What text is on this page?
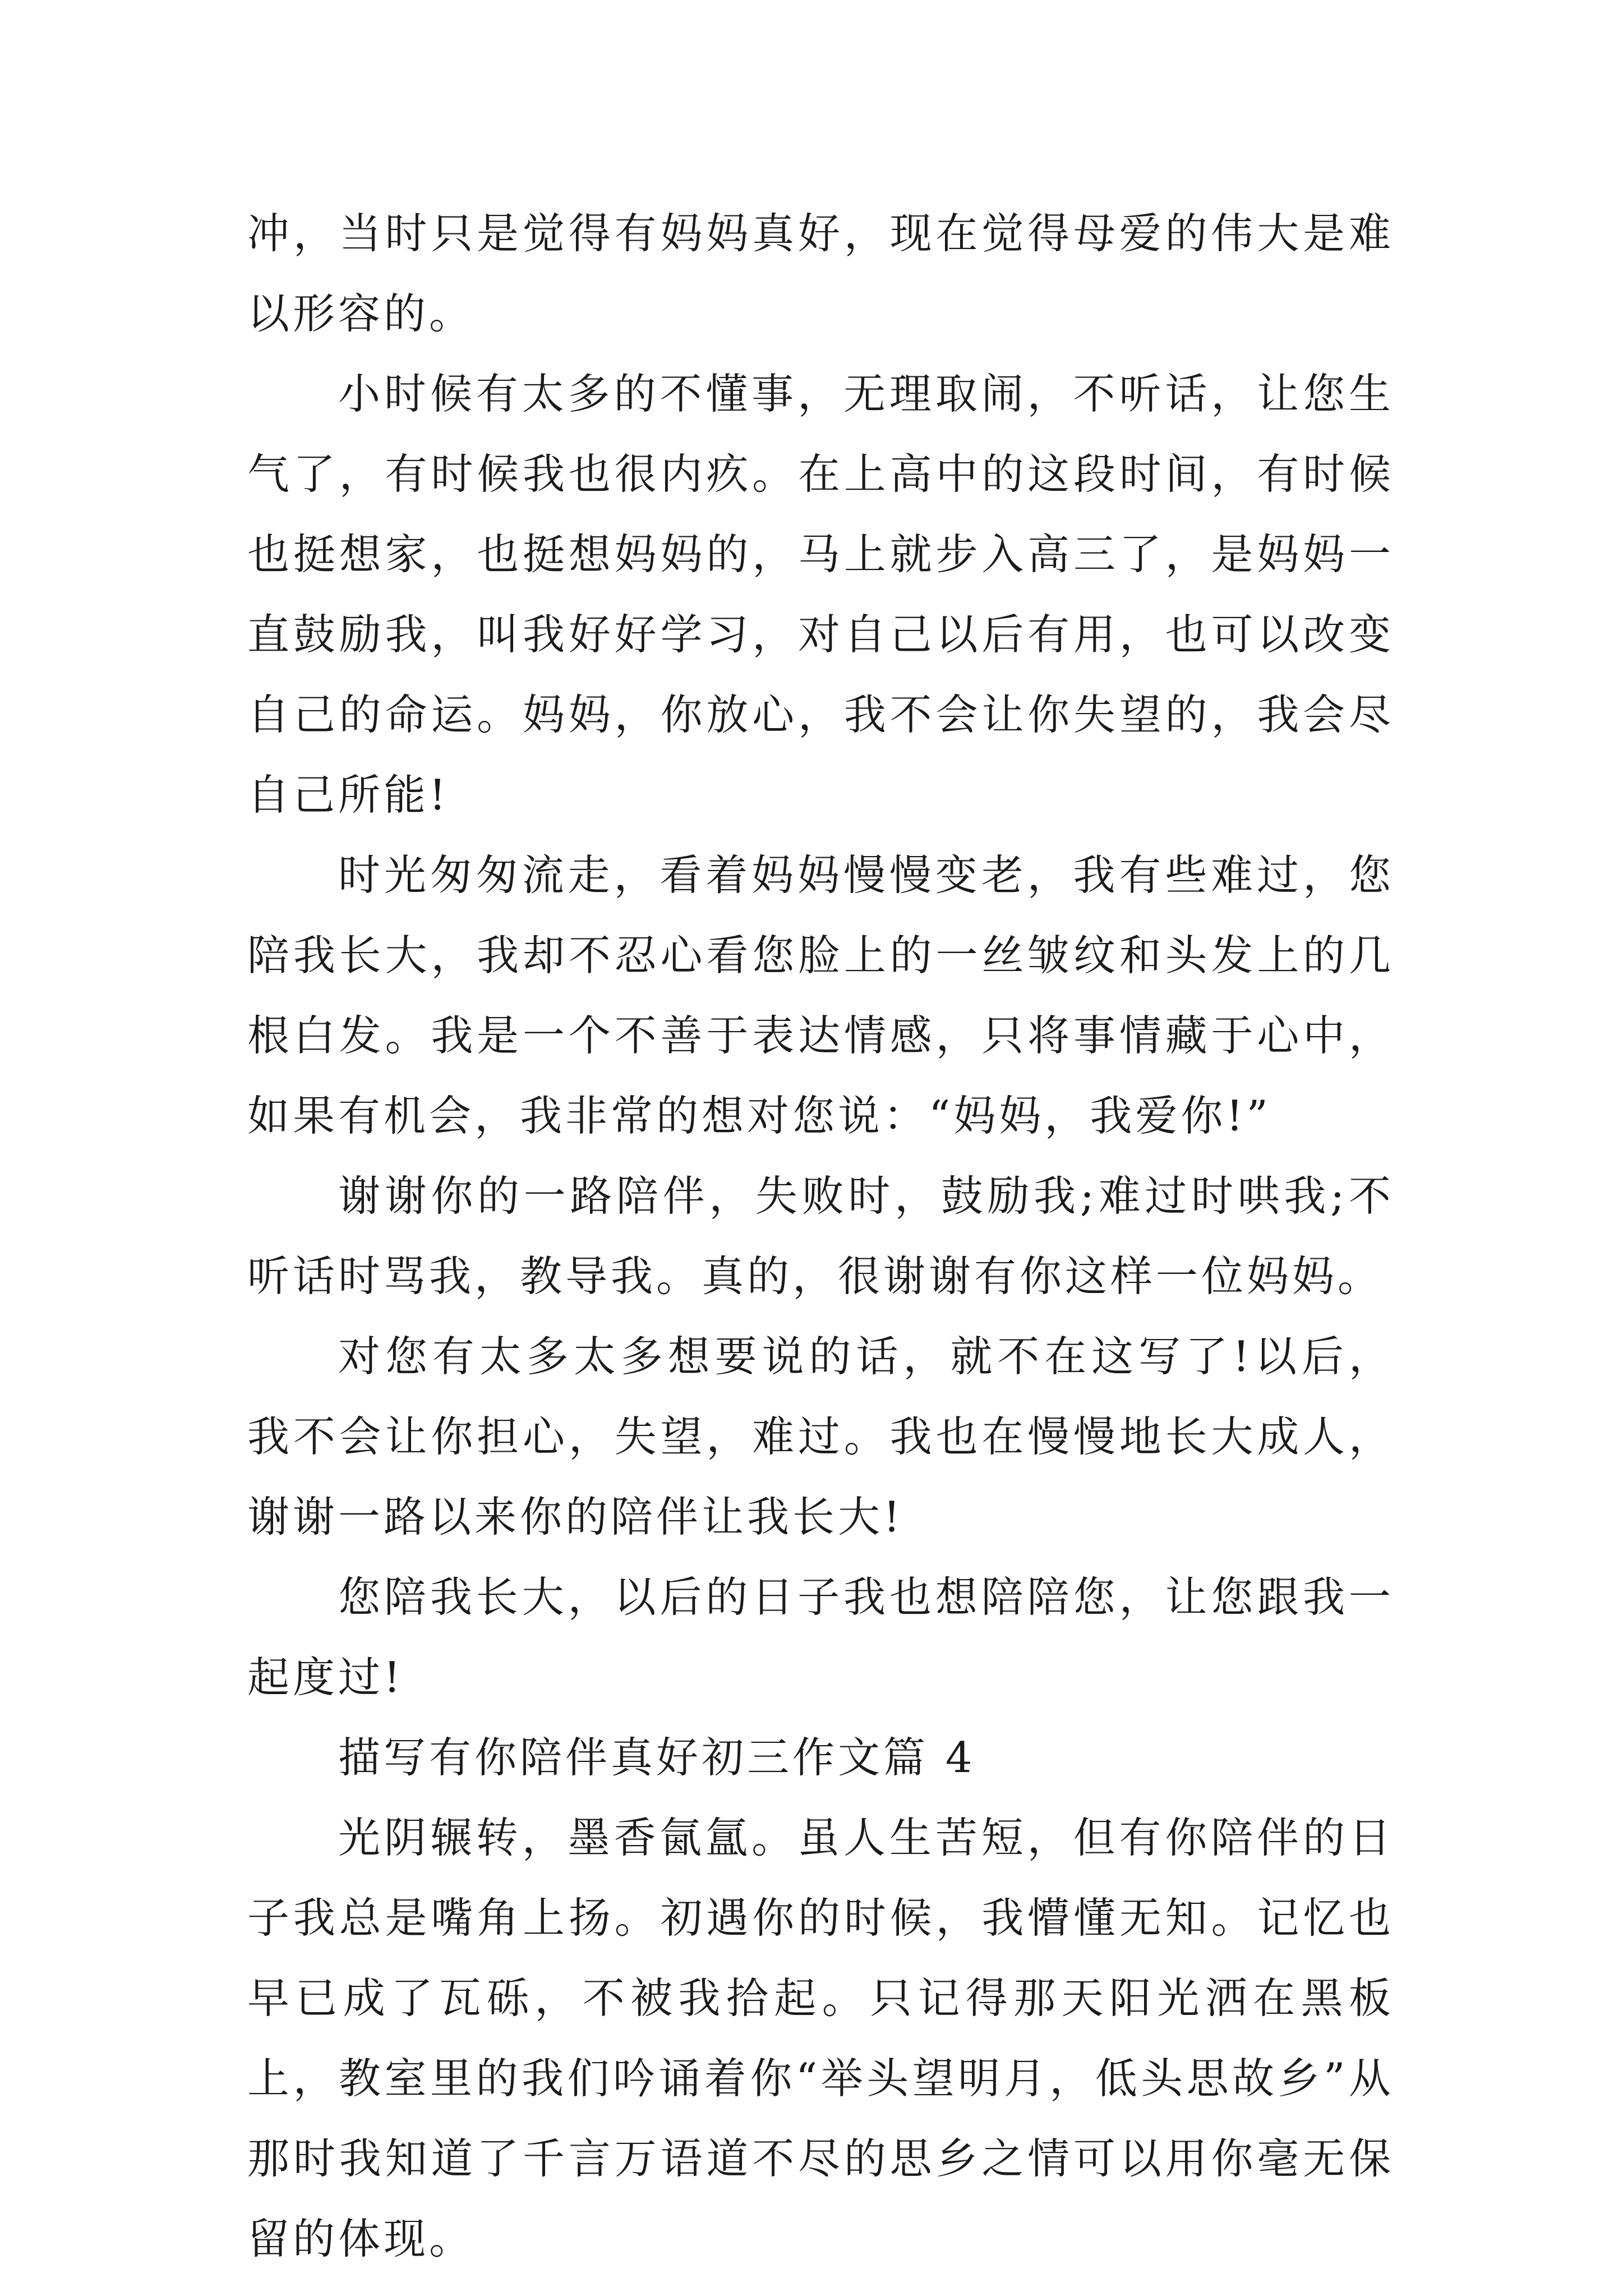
冲，当时只是觉得有妈妈真好，现在觉得母爱的伟大是难以形容的。

小时候有太多的不懂事，无理取闹，不听话，让您生气了，有时候我也很内疚。在上高中的这段时间，有时候也挺想家，也挺想妈妈的，马上就步入高三了，是妈妈一直鼓励我，叫我好好学习，对自己以后有用，也可以改变自己的命运。妈妈，你放心，我不会让你失望的，我会尽自己所能!

时光匆匆流走，看着妈妈慢慢变老，我有些难过，您陪我长大，我却不忍心看您脸上的一丝皱纹和头发上的几根白发。我是一个不善于表达情感，只将事情藏于心中，如果有机会，我非常的想对您说：“妈妈，我爱你!”

谢谢你的一路陪伴，失败时，鼓励我;难过时哄我;不听话时骂我，教导我。真的，很谢谢有你这样一位妈妈。

对您有太多太多想要说的话，就不在这写了!以后，我不会让你担心，失望，难过。我也在慢慢地长大成人，谢谢一路以来你的陪伴让我长大!

您陪我长大，以后的日子我也想陪陪您，让您跟我一起度过!

描写有你陪伴真好初三作文篇 4

光阴辗转，墨香氤氲。虽人生苦短，但有你陪伴的日子我总是嘴角上扬。初遇你的时候，我懵懂无知。记忆也早已成了瓦砾，不被我拾起。只记得那天阳光洒在黑板上，教室里的我们吟诵着你“举头望明月，低头思故乡”从那时我知道了千言万语道不尽的思乡之情可以用你毫无保留的体现。
